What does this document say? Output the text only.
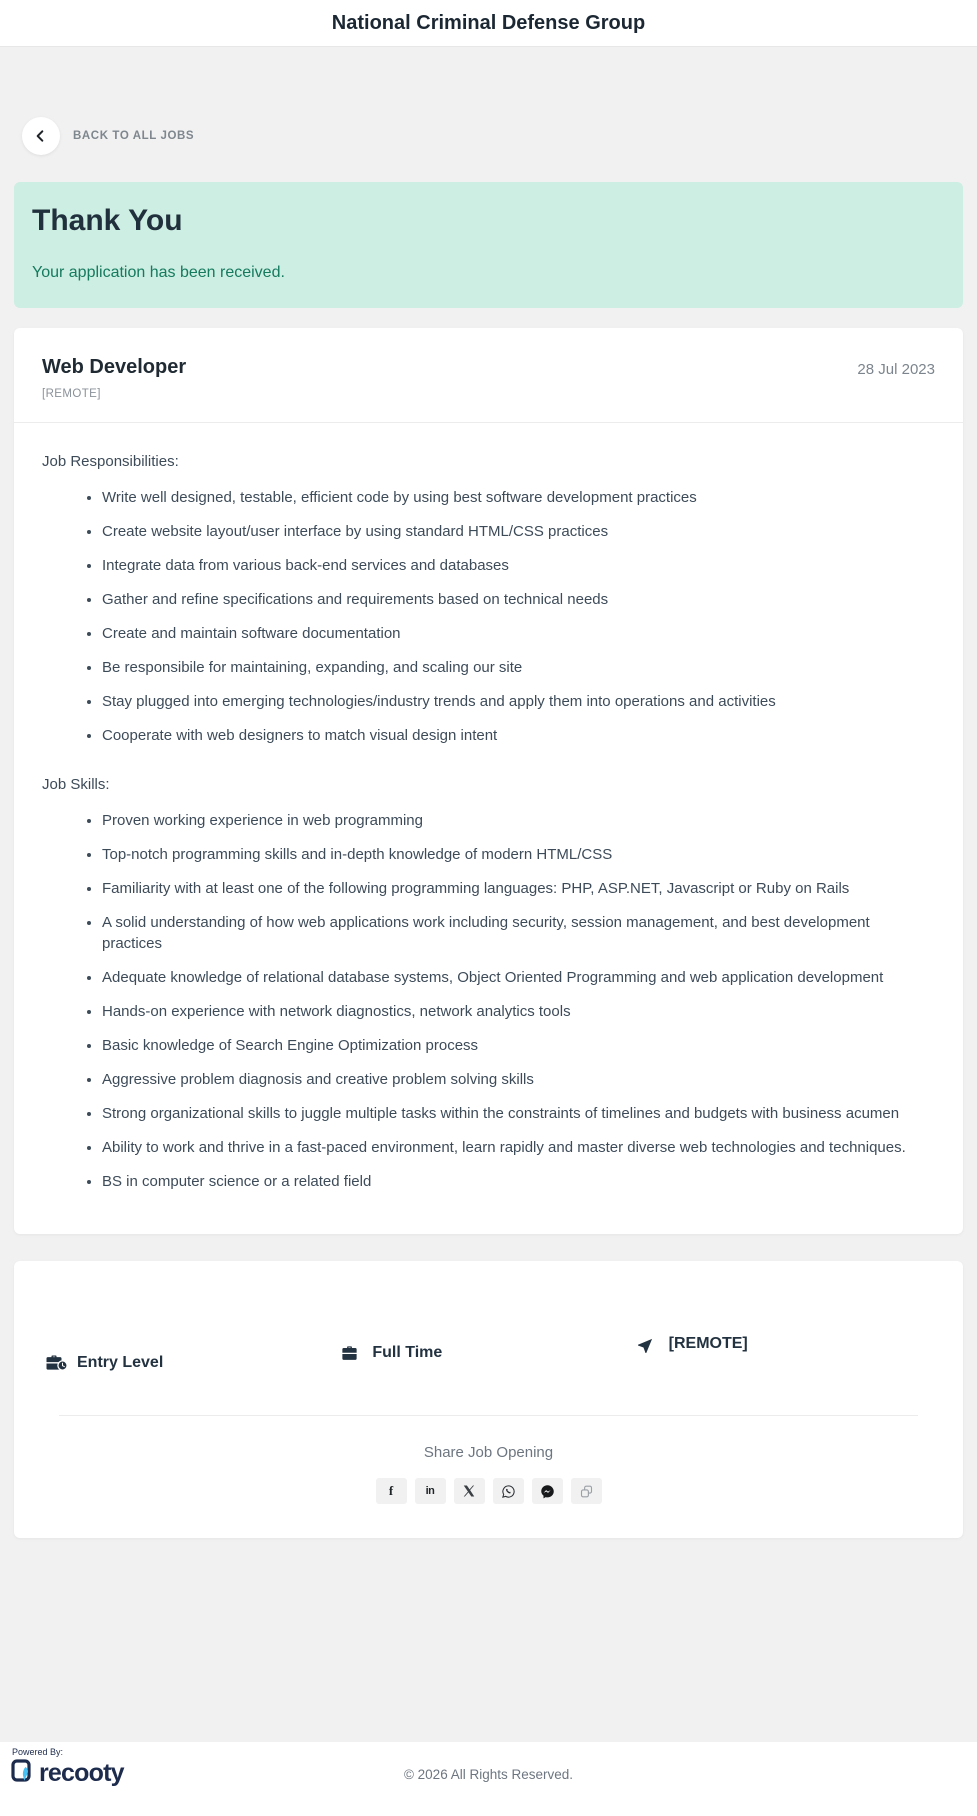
National Criminal Defense Group
BACK TO ALL JOBS
Thank You

Your application has been received.

Web Developer
[REMOTE]
28 Jul 2023

Job Responsibilities:

• Write well designed, testable, efficient code by using best software development practices
• Create website layout/user interface by using standard HTML/CSS practices
• Integrate data from various back-end services and databases
• Gather and refine specifications and requirements based on technical needs
• Create and maintain software documentation
• Be responsibile for maintaining, expanding, and scaling our site
• Stay plugged into emerging technologies/industry trends and apply them into operations and activities
• Cooperate with web designers to match visual design intent

Job Skills:

• Proven working experience in web programming
• Top-notch programming skills and in-depth knowledge of modern HTML/CSS
• Familiarity with at least one of the following programming languages: PHP, ASP.NET, Javascript or Ruby on Rails
• A solid understanding of how web applications work including security, session management, and best development practices
• Adequate knowledge of relational database systems, Object Oriented Programming and web application development
• Hands-on experience with network diagnostics, network analytics tools
• Basic knowledge of Search Engine Optimization process
• Aggressive problem diagnosis and creative problem solving skills
• Strong organizational skills to juggle multiple tasks within the constraints of timelines and budgets with business acumen
• Ability to work and thrive in a fast-paced environment, learn rapidly and master diverse web technologies and techniques.
• BS in computer science or a related field
Entry Level
Full Time
[REMOTE]
Share Job Opening
f	in
Powered By:
recooty	© 2026 All Rights Reserved.
